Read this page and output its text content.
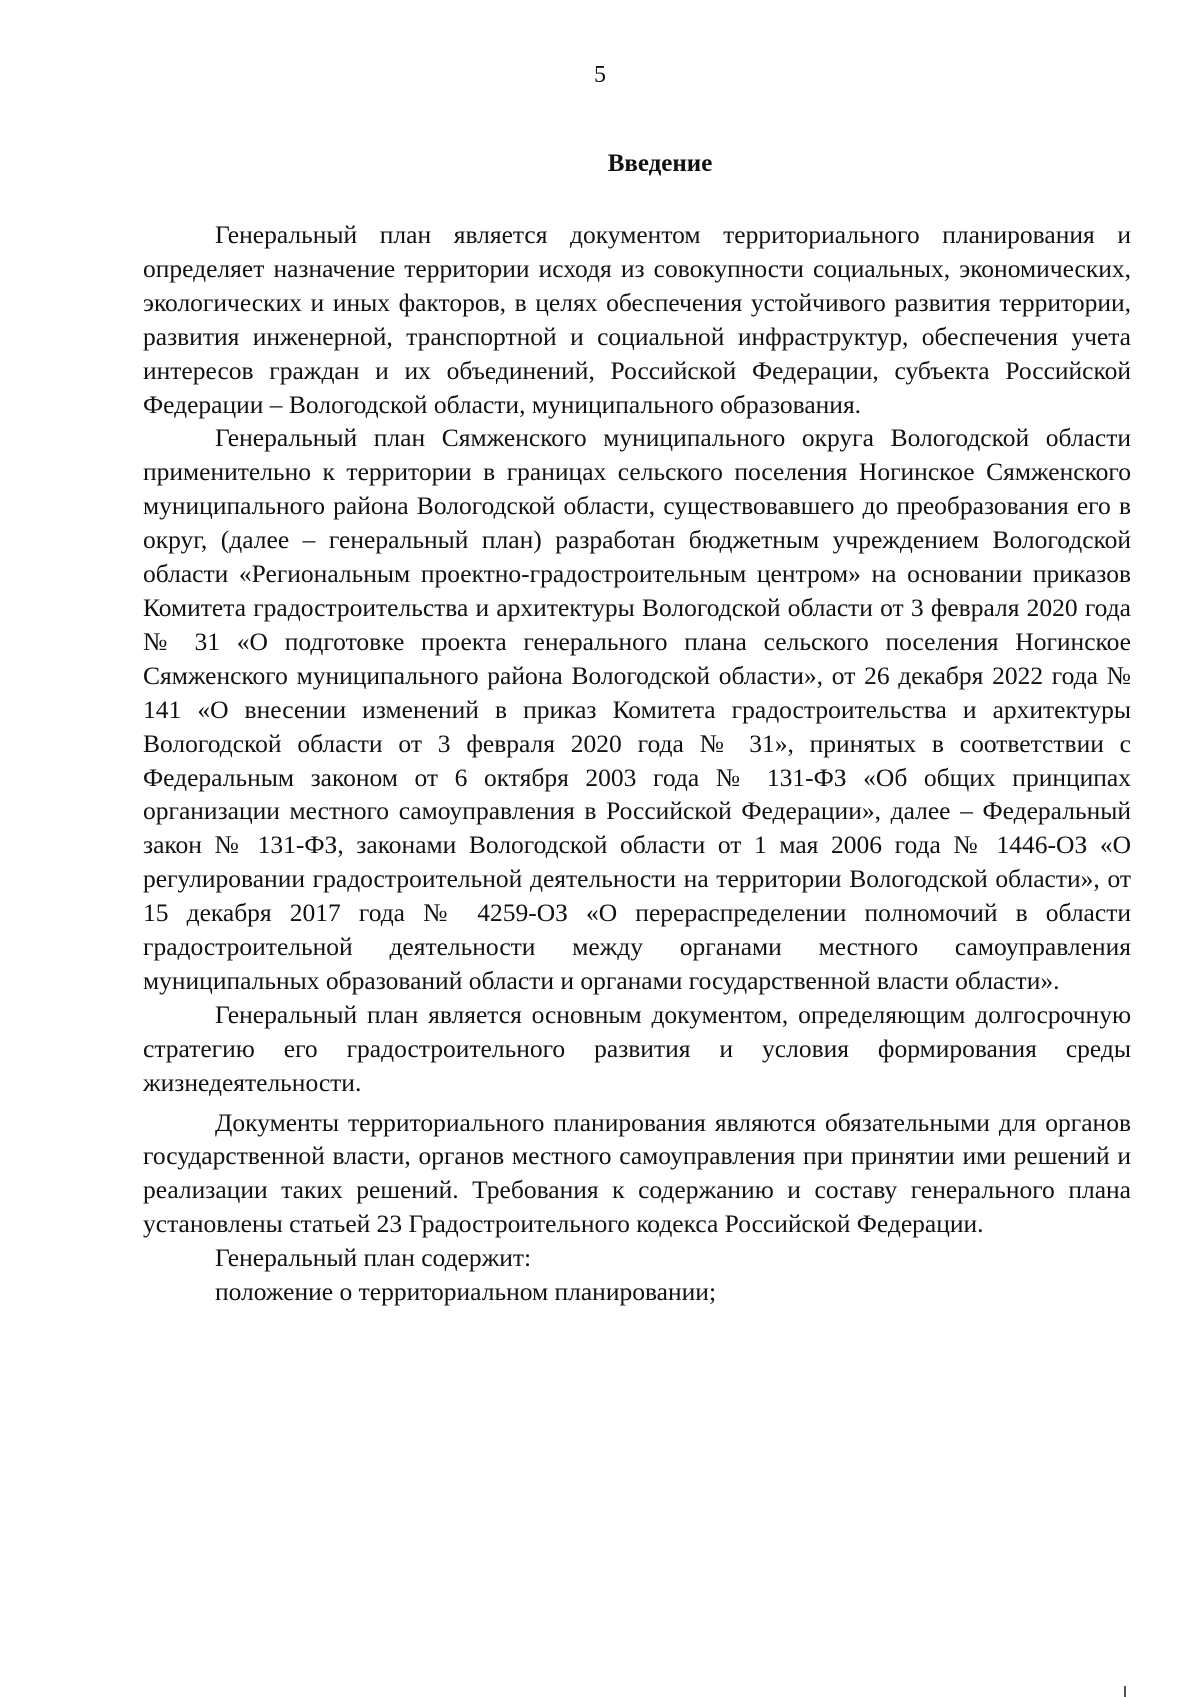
5
Введение

Генеральный план является документом территориального планирования и определяет назначение территории исходя из совокупности социальных, экономических, экологических и иных факторов, в целях обеспечения устойчивого развития территории, развития инженерной, транспортной и социальной инфраструктур, обеспечения учета интересов граждан и их объединений, Российской Федерации, субъекта Российской Федерации – Вологодской области, муниципального образования.

Генеральный план Сямженского муниципального округа Вологодской области применительно к территории в границах сельского поселения Ногинское Сямженского муниципального района Вологодской области, существовавшего до преобразования его в округ, (далее – генеральный план) разработан бюджетным учреждением Вологодской области «Региональным проектно-градостроительным центром» на основании приказов Комитета градостроительства и архитектуры Вологодской области от 3 февраля 2020 года № 31 «О подготовке проекта генерального плана сельского поселения Ногинское Сямженского муниципального района Вологодской области», от 26 декабря 2022 года № 141 «О внесении изменений в приказ Комитета градостроительства и архитектуры Вологодской области от 3 февраля 2020 года № 31», принятых в соответствии с Федеральным законом от 6 октября 2003 года № 131-ФЗ «Об общих принципах организации местного самоуправления в Российской Федерации», далее – Федеральный закон № 131-ФЗ, законами Вологодской области от 1 мая 2006 года № 1446-ОЗ «О регулировании градостроительной деятельности на территории Вологодской области», от 15 декабря 2017 года № 4259-ОЗ «О перераспределении полномочий в области градостроительной деятельности между органами местного самоуправления муниципальных образований области и органами государственной власти области».

Генеральный план является основным документом, определяющим долгосрочную стратегию его градостроительного развития и условия формирования среды жизнедеятельности.

Документы территориального планирования являются обязательными для органов государственной власти, органов местного самоуправления при принятии ими решений и реализации таких решений. Требования к содержанию и составу генерального плана установлены статьей 23 Градостроительного кодекса Российской Федерации.

Генеральный план содержит:

положение о территориальном планировании;
